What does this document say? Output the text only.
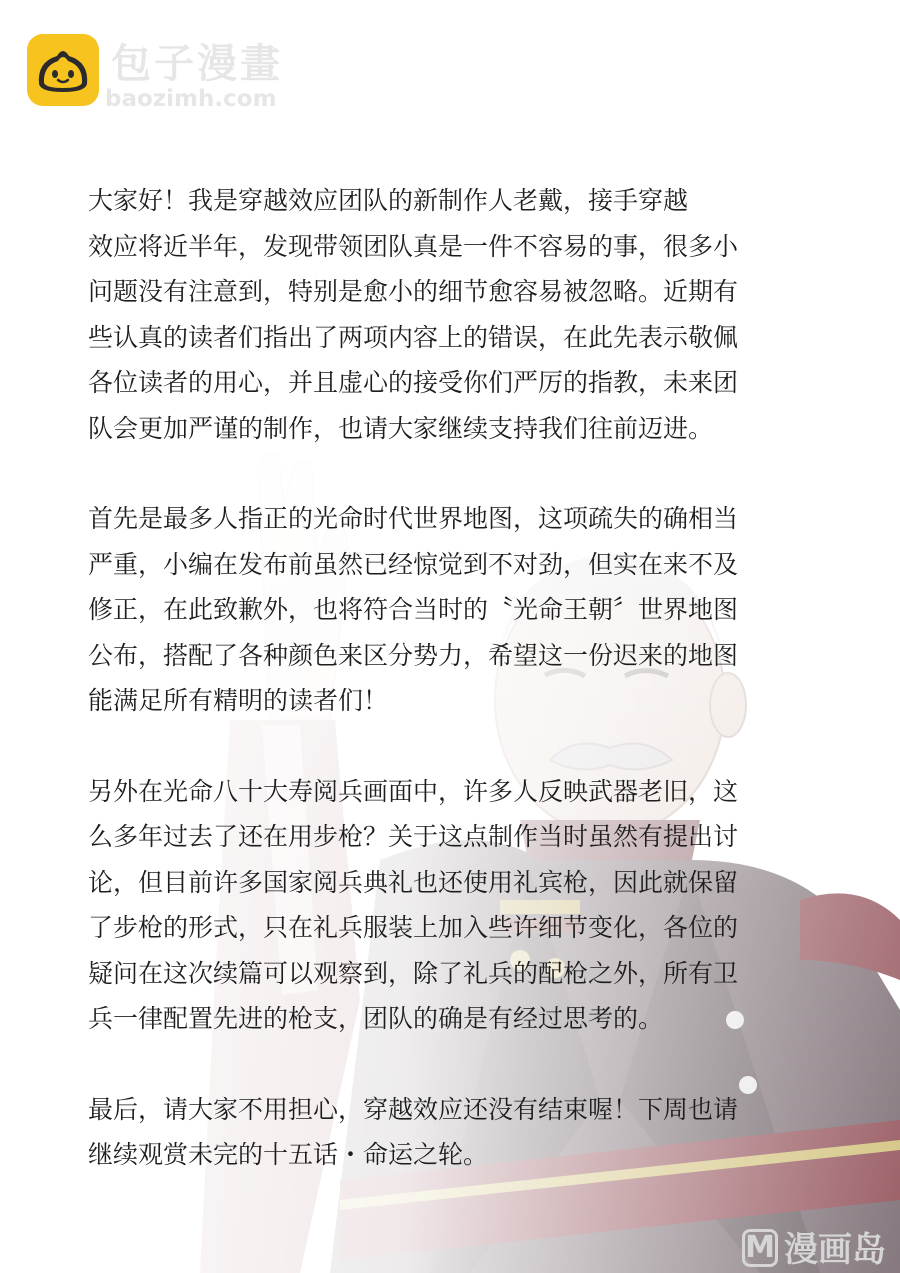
包子漫畫
baozimh.com
大家好！我是穿越效应团队的新制作人老戴，接手穿越
效应将近半年，发现带领团队真是一件不容易的事，很多小
问题没有注意到，特别是愈小的细节愈容易被忽略。近期有
些认真的读者们指出了两项内容上的错误，在此先表示敬佩
各位读者的用心，并且虚心的接受你们严厉的指教，未来团
队会更加严谨的制作，也请大家继续支持我们往前迈进。
首先是最多人指正的光命时代世界地图，这项疏失的确相当
严重，小编在发布前虽然已经惊觉到不对劲，但实在来不及
修正，在此致歉外，也将符合当时的〝光命王朝〞世界地图
公布，搭配了各种颜色来区分势力，希望这一份迟来的地图
能满足所有精明的读者们！
另外在光命八十大寿阅兵画面中，许多人反映武器老旧，这
么多年过去了还在用步枪？关于这点制作当时虽然有提出讨
论，但目前许多国家阅兵典礼也还使用礼宾枪，因此就保留
了步枪的形式，只在礼兵服装上加入些许细节变化，各位的
疑问在这次续篇可以观察到，除了礼兵的配枪之外，所有卫
兵一律配置先进的枪支，团队的确是有经过思考的。
最后，请大家不用担心，穿越效应还没有结束喔！下周也请
继续观赏未完的十五话・命运之轮。
M 漫画岛
